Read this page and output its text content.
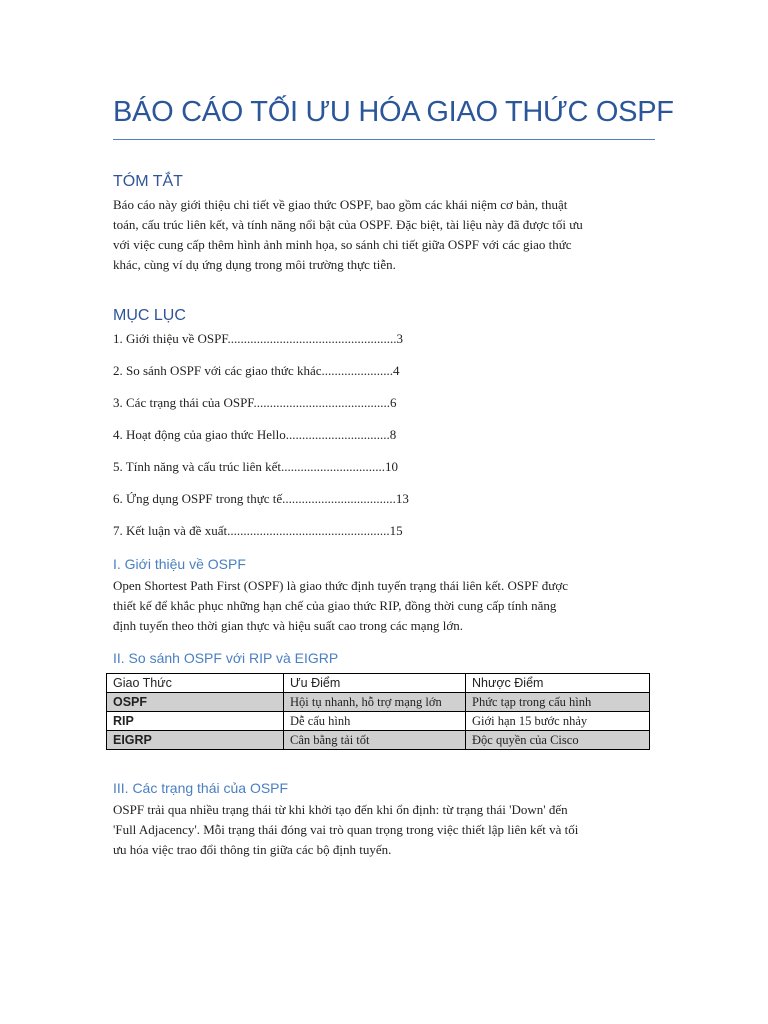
BÁO CÁO TỐI ƯU HÓA GIAO THỨC OSPF
TÓM TẮT
Báo cáo này giới thiệu chi tiết về giao thức OSPF, bao gồm các khái niệm cơ bản, thuật
toán, cấu trúc liên kết, và tính năng nổi bật của OSPF. Đặc biệt, tài liệu này đã được tối ưu
với việc cung cấp thêm hình ảnh minh họa, so sánh chi tiết giữa OSPF với các giao thức
khác, cùng ví dụ ứng dụng trong môi trường thực tiễn.
MỤC LỤC
1. Giới thiệu về OSPF....................................................3
2. So sánh OSPF với các giao thức khác......................4
3. Các trạng thái của OSPF..........................................6
4. Hoạt động của giao thức Hello................................8
5. Tính năng và cấu trúc liên kết................................10
6. Ứng dụng OSPF trong thực tế...................................13
7. Kết luận và đề xuất..................................................15
I. Giới thiệu về OSPF
Open Shortest Path First (OSPF) là giao thức định tuyến trạng thái liên kết. OSPF được
thiết kế để khắc phục những hạn chế của giao thức RIP, đồng thời cung cấp tính năng
định tuyến theo thời gian thực và hiệu suất cao trong các mạng lớn.
II. So sánh OSPF với RIP và EIGRP
Giao Thức	Ưu Điểm	Nhược Điểm
OSPF	Hội tụ nhanh, hỗ trợ mạng lớn	Phức tạp trong cấu hình
RIP	Dễ cấu hình	Giới hạn 15 bước nhảy
EIGRP	Cân bằng tải tốt	Độc quyền của Cisco
III. Các trạng thái của OSPF
OSPF trải qua nhiều trạng thái từ khi khởi tạo đến khi ổn định: từ trạng thái 'Down' đến
'Full Adjacency'. Mỗi trạng thái đóng vai trò quan trọng trong việc thiết lập liên kết và tối
ưu hóa việc trao đổi thông tin giữa các bộ định tuyến.
